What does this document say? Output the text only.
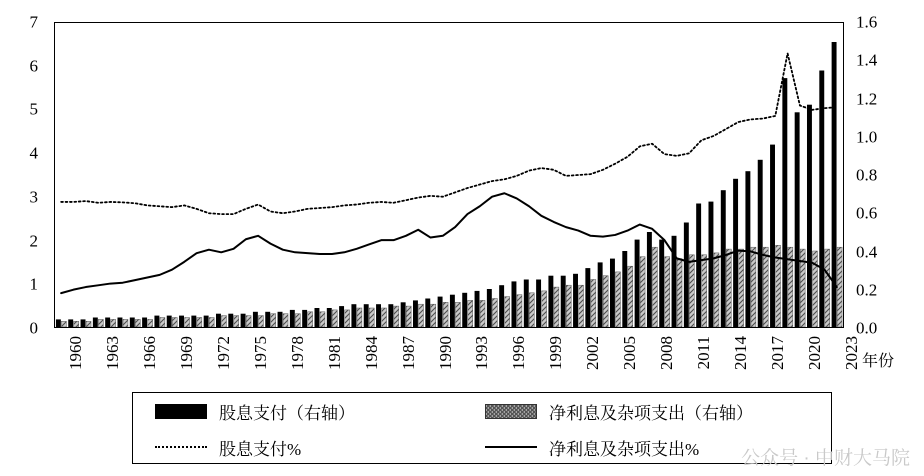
0
1
2
3
4
5
6
7
0.0
0.2
0.4
0.6
0.8
1.0
1.2
1.4
1.6
1960 1963 1966 1969 1972 1975 1978 1981 1984 1987 1990 1993 1996 1999 2002 2005 2008 2011 2014 2017 2020 2023 年份
股息支付（右轴）	净利息及杂项支出（右轴）
股息支付%	净利息及杂项支出% 公众号 · 中财大马院
